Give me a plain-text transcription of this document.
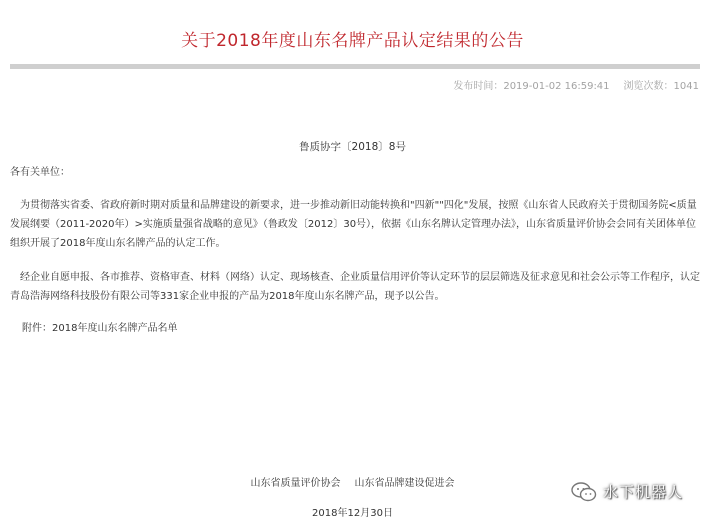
关于2018年度山东名牌产品认定结果的公告
发布时间：2019-01-02 16:59:41 浏览次数：1041
鲁质协字〔2018〕8号

各有关单位：

为贯彻落实省委、省政府新时期对质量和品牌建设的新要求，进一步推动新旧动能转换和"四新""四化"发展，按照《山东省人民政府关于贯彻国务院<质量发展纲要（2011-2020年）>实施质量强省战略的意见》（鲁政发〔2012〕30号），依据《山东名牌认定管理办法》，山东省质量评价协会会同有关团体单位组织开展了2018年度山东名牌产品的认定工作。

经企业自愿申报、各市推荐、资格审查、材料（网络）认定、现场核查、企业质量信用评价等认定环节的层层筛选及征求意见和社会公示等工作程序，认定青岛浩海网络科技股份有限公司等331家企业申报的产品为2018年度山东名牌产品，现予以公告。

附件：2018年度山东名牌产品名单

山东省质量评价协会 山东省品牌建设促进会
2018年12月30日
水下机器人
